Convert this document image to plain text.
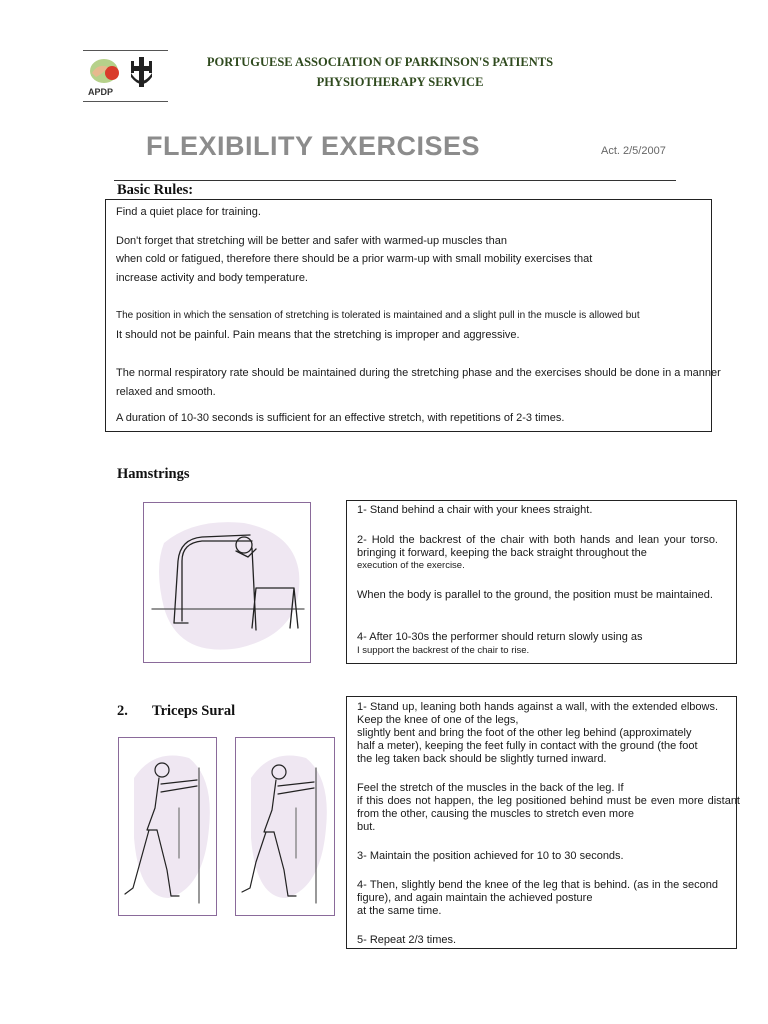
APDP
PORTUGUESE ASSOCIATION OF PARKINSON'S PATIENTS
PHYSIOTHERAPY SERVICE
FLEXIBILITY EXERCISES	Act. 2/5/2007
Basic Rules:
Find a quiet place for training.
Don't forget that stretching will be better and safer with warmed-up muscles than
when cold or fatigued, therefore there should be a prior warm-up with small mobility exercises that
increase activity and body temperature.
The position in which the sensation of stretching is tolerated is maintained and a slight pull in the muscle is allowed but
It should not be painful. Pain means that the stretching is improper and aggressive.
The normal respiratory rate should be maintained during the stretching phase and the exercises should be done in a manner
relaxed and smooth.
A duration of 10-30 seconds is sufficient for an effective stretch, with repetitions of 2-3 times.
Hamstrings
1- Stand behind a chair with your knees straight.
2- Hold the backrest of the chair with both hands and lean your torso. bringing it forward, keeping the back straight throughout the
execution of the exercise.
When the body is parallel to the ground, the position must be maintained.
4- After 10-30s the performer should return slowly using as
I support the backrest of the chair to rise.
2. Triceps Sural	1- Stand up, leaning both hands against a wall, with the extended elbows. Keep the knee of one of the legs,
slightly bent and bring the foot of the other leg behind (approximately
half a meter), keeping the feet fully in contact with the ground (the foot
the leg taken back should be slightly turned inward.
Feel the stretch of the muscles in the back of the leg. If
if this does not happen, the leg positioned behind must be even more distant from the other, causing the muscles to stretch even more
but.
3- Maintain the position achieved for 10 to 30 seconds.
4- Then, slightly bend the knee of the leg that is behind. (as in the second figure), and again maintain the achieved posture
at the same time.
5- Repeat 2/3 times.
